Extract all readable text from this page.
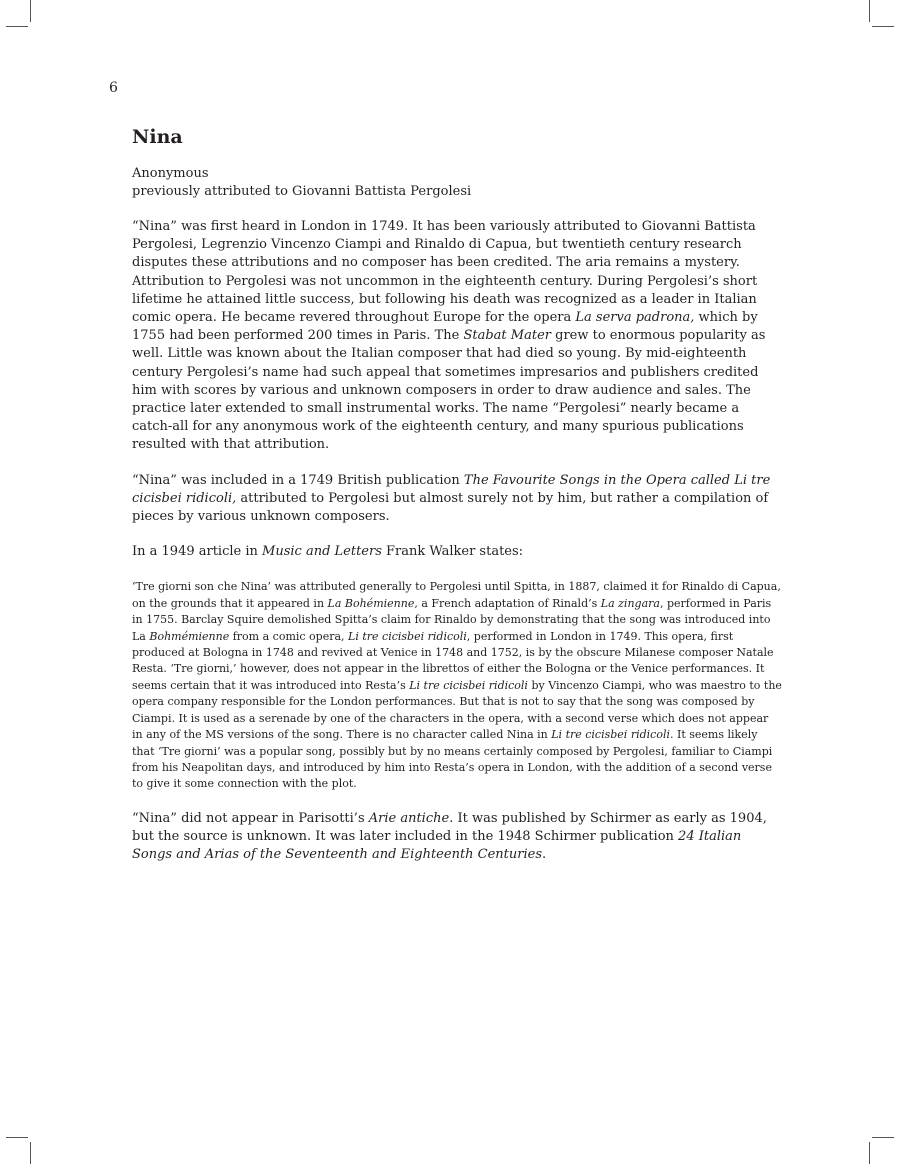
6
Nina
Anonymous
previously attributed to Giovanni Battista Pergolesi

“Nina” was first heard in London in 1749. It has been variously attributed to Giovanni Battista Pergolesi, Legrenzio Vincenzo Ciampi and Rinaldo di Capua, but twentieth century research disputes these attributions and no composer has been credited. The aria remains a mystery. Attribution to Pergolesi was not uncommon in the eighteenth century. During Pergolesi’s short lifetime he attained little success, but following his death was recognized as a leader in Italian comic opera. He became revered throughout Europe for the opera La serva padrona, which by 1755 had been performed 200 times in Paris. The Stabat Mater grew to enormous popularity as well. Little was known about the Italian composer that had died so young. By mid-eighteenth century Pergolesi’s name had such appeal that sometimes impresarios and publishers credited him with scores by various and unknown composers in order to draw audience and sales. The practice later extended to small instrumental works. The name “Pergolesi” nearly became a catch-all for any anonymous work of the eighteenth century, and many spurious publications resulted with that attribution.

“Nina” was included in a 1749 British publication The Favourite Songs in the Opera called Li tre cicisbei ridicoli, attributed to Pergolesi but almost surely not by him, but rather a compilation of pieces by various unknown composers.

In a 1949 article in Music and Letters Frank Walker states:

‘Tre giorni son che Nina’ was attributed generally to Pergolesi until Spitta, in 1887, claimed it for Rinaldo di Capua, on the grounds that it appeared in La Bohémienne, a French adaptation of Rinald’s La zingara, performed in Paris in 1755. Barclay Squire demolished Spitta’s claim for Rinaldo by demonstrating that the song was introduced into La Bohmémienne from a comic opera, Li tre cicisbei ridicoli, performed in London in 1749. This opera, first produced at Bologna in 1748 and revived at Venice in 1748 and 1752, is by the obscure Milanese composer Natale Resta. ‘Tre giorni,’ however, does not appear in the librettos of either the Bologna or the Venice performances. It seems certain that it was introduced into Resta’s Li tre cicisbei ridicoli by Vincenzo Ciampi, who was maestro to the opera company responsible for the London performances. But that is not to say that the song was composed by Ciampi. It is used as a serenade by one of the characters in the opera, with a second verse which does not appear in any of the MS versions of the song. There is no character called Nina in Li tre cicisbei ridicoli. It seems likely that ‘Tre giorni’ was a popular song, possibly but by no means certainly composed by Pergolesi, familiar to Ciampi from his Neapolitan days, and introduced by him into Resta’s opera in London, with the addition of a second verse to give it some connection with the plot.

“Nina” did not appear in Parisotti’s Arie antiche. It was published by Schirmer as early as 1904, but the source is unknown. It was later included in the 1948 Schirmer publication 24 Italian Songs and Arias of the Seventeenth and Eighteenth Centuries.
